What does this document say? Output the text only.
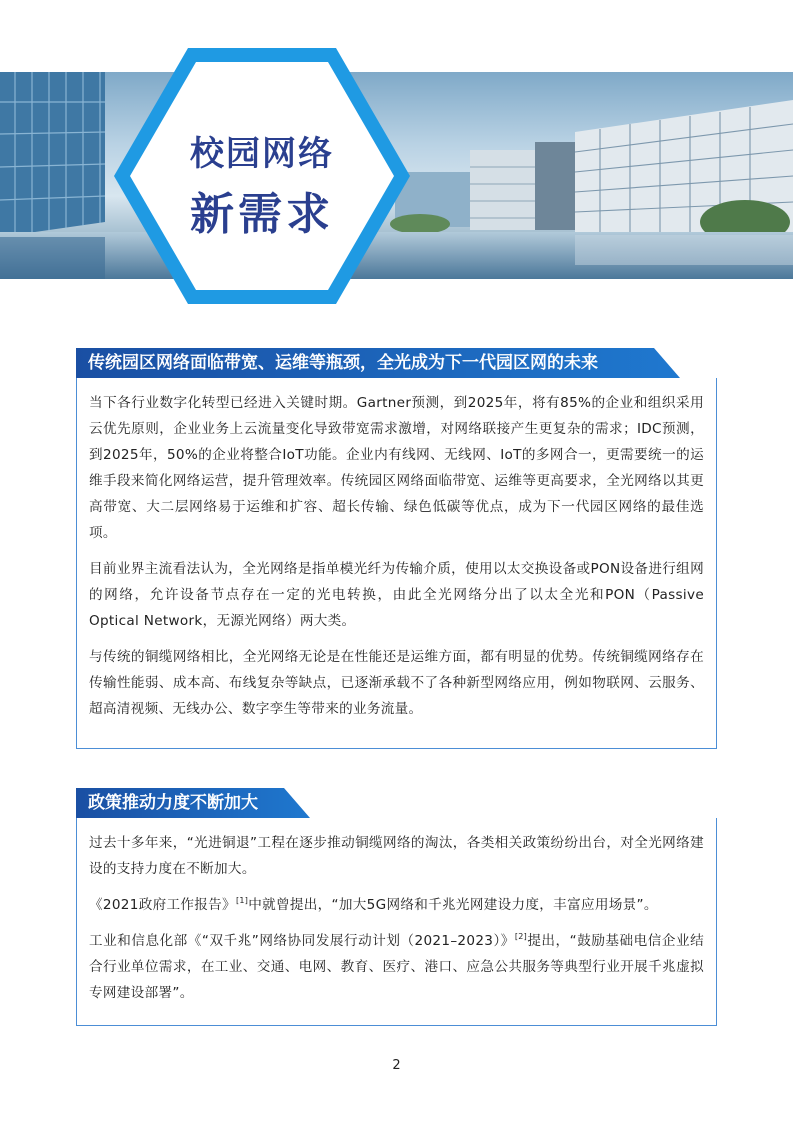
校园网络
新需求
传统园区网络面临带宽、运维等瓶颈，全光成为下一代园区网的未来

当下各行业数字化转型已经进入关键时期。Gartner预测，到2025年，将有85%的企业和组织采用云优先原则，企业业务上云流量变化导致带宽需求激增，对网络联接产生更复杂的需求；IDC预测，到2025年，50%的企业将整合IoT功能。企业内有线网、无线网、IoT的多网合一，更需要统一的运维手段来简化网络运营，提升管理效率。传统园区网络面临带宽、运维等更高要求，全光网络以其更高带宽、大二层网络易于运维和扩容、超长传输、绿色低碳等优点，成为下一代园区网络的最佳选项。

目前业界主流看法认为，全光网络是指单模光纤为传输介质，使用以太交换设备或PON设备进行组网的网络，允许设备节点存在一定的光电转换，由此全光网络分出了以太全光和PON（Passive Optical Network，无源光网络）两大类。

与传统的铜缆网络相比，全光网络无论是在性能还是运维方面，都有明显的优势。传统铜缆网络存在传输性能弱、成本高、布线复杂等缺点，已逐渐承载不了各种新型网络应用，例如物联网、云服务、超高清视频、无线办公、数字孪生等带来的业务流量。

政策推动力度不断加大

过去十多年来，“光进铜退”工程在逐步推动铜缆网络的淘汰，各类相关政策纷纷出台，对全光网络建设的支持力度在不断加大。

《2021政府工作报告》[1]中就曾提出，“加大5G网络和千兆光网建设力度，丰富应用场景”。

工业和信息化部《“双千兆”网络协同发展行动计划（2021–2023）》[2]提出，“鼓励基础电信企业结合行业单位需求，在工业、交通、电网、教育、医疗、港口、应急公共服务等典型行业开展千兆虚拟专网建设部署”。

2
